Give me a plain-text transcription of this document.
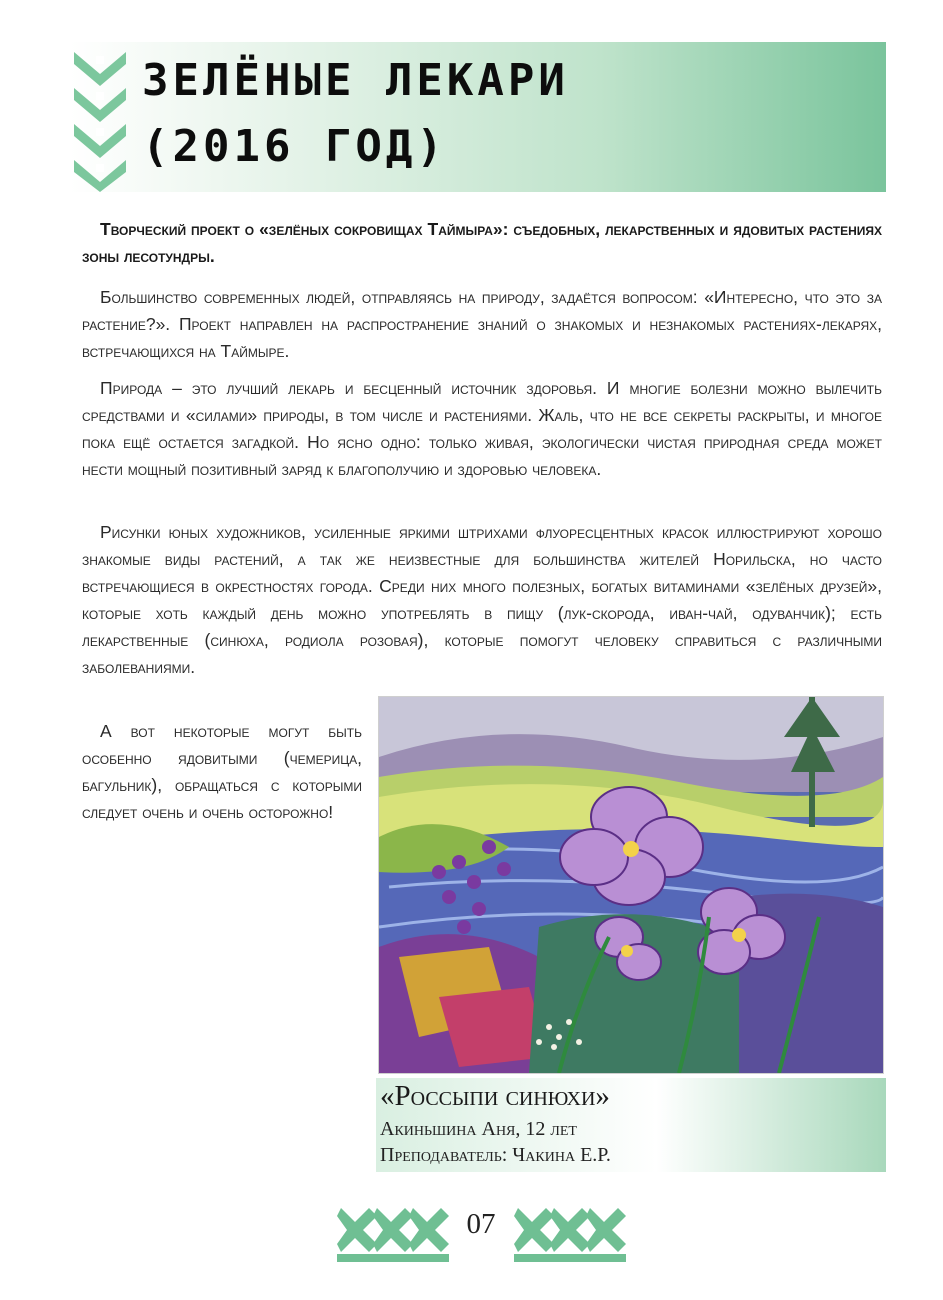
ЗЕЛЁНЫЕ ЛЕКАРИ
(2016 ГОД)

Творческий проект о «зелёных сокровищах Таймыра»: съедобных, лекарственных и ядовитых растениях зоны лесотундры.

Большинство современных людей, отправляясь на природу, задаётся вопросом: «Интересно, что это за растение?». Проект направлен на распространение знаний о знакомых и незнакомых растениях-лекарях, встречающихся на Таймыре.

Природа – это лучший лекарь и бесценный источник здоровья. И многие болезни можно вылечить средствами и «силами» природы, в том числе и растениями. Жаль, что не все секреты раскрыты, и многое пока ещё остается загадкой. Но ясно одно: только живая, экологически чистая природная среда может нести мощный позитивный заряд к благополучию и здоровью человека.

Рисунки юных художников, усиленные яркими штрихами флуоресцентных красок иллюстрируют хорошо знакомые виды растений, а так же неизвестные для большинства жителей Норильска, но часто встречающиеся в окрестностях города. Среди них много полезных, богатых витаминами «зелёных друзей», которые хоть каждый день можно употреблять в пищу (лук-скорода, иван-чай, одуванчик); есть лекарственные (синюха, родиола розовая), которые помогут человеку справиться с различными заболеваниями.

А вот некоторые могут быть особенно ядовитыми (чемерица, багульник), обращаться с которыми следует очень и очень осторожно!

«Россыпи синюхи»

Акиньшина Аня, 12 лет

Преподаватель: Чакина Е.Р.

07
